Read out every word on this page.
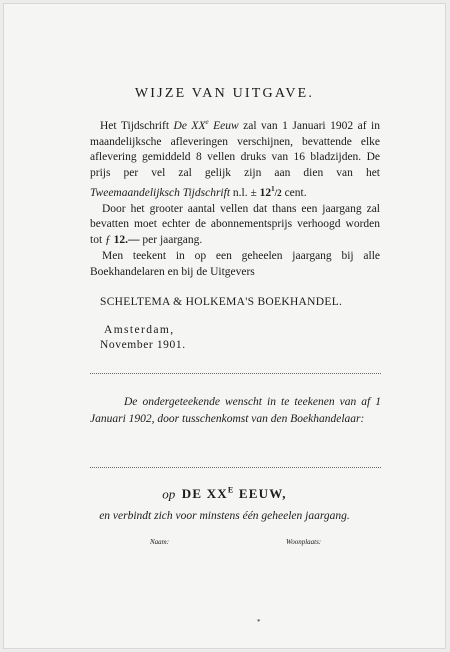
WIJZE VAN UITGAVE.

Het Tijdschrift De XXe Eeuw zal van 1 Januari 1902 af in maandelijksche afleveringen verschijnen, bevattende elke aflevering gemiddeld 8 vellen druks van 16 bladzijden. De prijs per vel zal gelijk zijn aan dien van het Tweemaandelijksch Tijdschrift n.l. ± $12^1/2$ cent.

Door het grooter aantal vellen dat thans een jaargang zal bevatten moet echter de abonnementsprijs verhoogd worden tot ƒ 12.— per jaargang.

Men teekent in op een geheelen jaargang bij alle Boekhandelaren en bij de Uitgevers

SCHELTEMA & HOLKEMA'S BOEKHANDEL.
Amsterdam,
November 1901.

De ondergeteekende wenscht in te teekenen van af 1 Januari 1902, door tusschenkomst van den Boekhandelaar:

op DE $XX^E$ EEUW,
en verbindt zich voor minstens één geheelen jaargang.
Naam:	Woonplaats:
*
